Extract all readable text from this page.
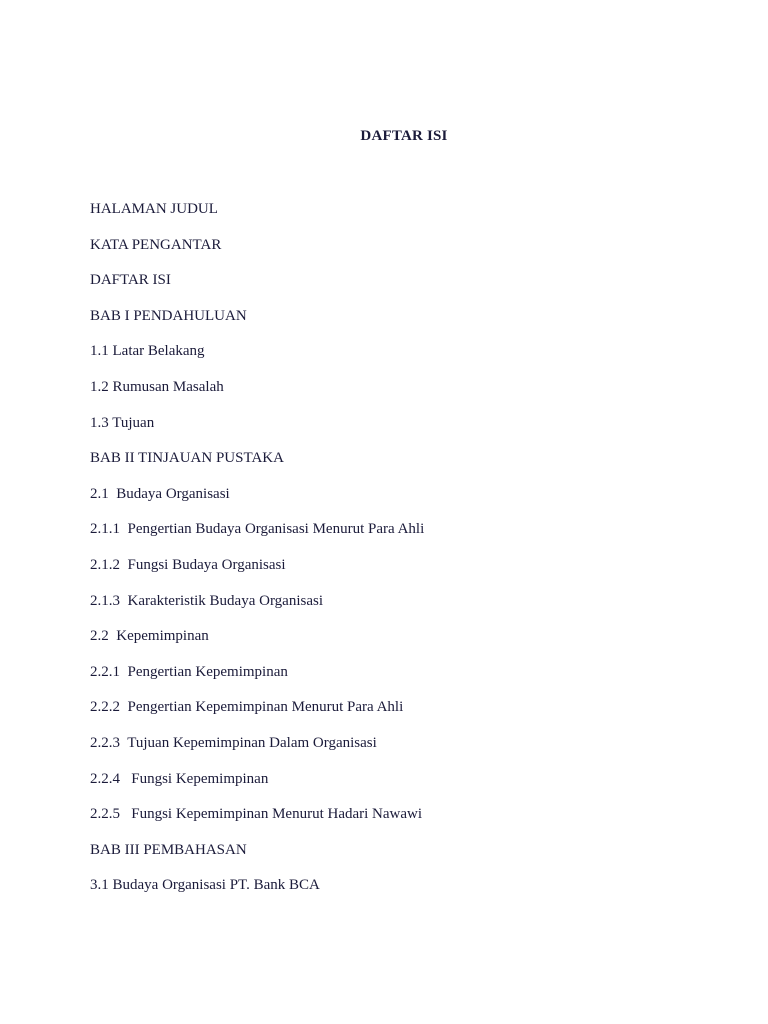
DAFTAR ISI
HALAMAN JUDUL
KATA PENGANTAR
DAFTAR ISI
BAB I PENDAHULUAN
1.1 Latar Belakang
1.2 Rumusan Masalah
1.3 Tujuan
BAB II TINJAUAN PUSTAKA
2.1  Budaya Organisasi
2.1.1  Pengertian Budaya Organisasi Menurut Para Ahli
2.1.2  Fungsi Budaya Organisasi
2.1.3  Karakteristik Budaya Organisasi
2.2  Kepemimpinan
2.2.1  Pengertian Kepemimpinan
2.2.2  Pengertian Kepemimpinan Menurut Para Ahli
2.2.3  Tujuan Kepemimpinan Dalam Organisasi
2.2.4   Fungsi Kepemimpinan
2.2.5   Fungsi Kepemimpinan Menurut Hadari Nawawi
BAB III PEMBAHASAN
3.1 Budaya Organisasi PT. Bank BCA
